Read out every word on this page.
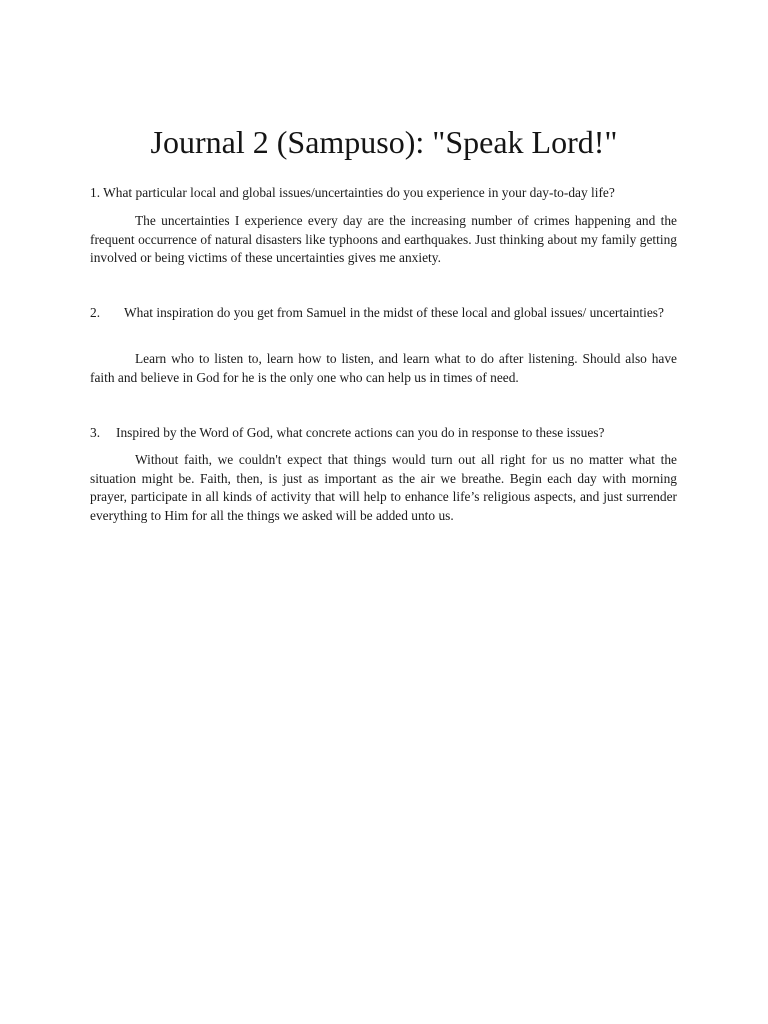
Journal 2 (Sampuso): "Speak Lord!"

1. What particular local and global issues/uncertainties do you experience in your day-to-day life?

The uncertainties I experience every day are the increasing number of crimes happening and the frequent occurrence of natural disasters like typhoons and earthquakes. Just thinking about my family getting involved or being victims of these uncertainties gives me anxiety.

2. What inspiration do you get from Samuel in the midst of these local and global issues/ uncertainties?

Learn who to listen to, learn how to listen, and learn what to do after listening. Should also have faith and believe in God for he is the only one who can help us in times of need.

3. Inspired by the Word of God, what concrete actions can you do in response to these issues?

Without faith, we couldn't expect that things would turn out all right for us no matter what the situation might be. Faith, then, is just as important as the air we breathe. Begin each day with morning prayer, participate in all kinds of activity that will help to enhance life’s religious aspects, and just surrender everything to Him for all the things we asked will be added unto us.
